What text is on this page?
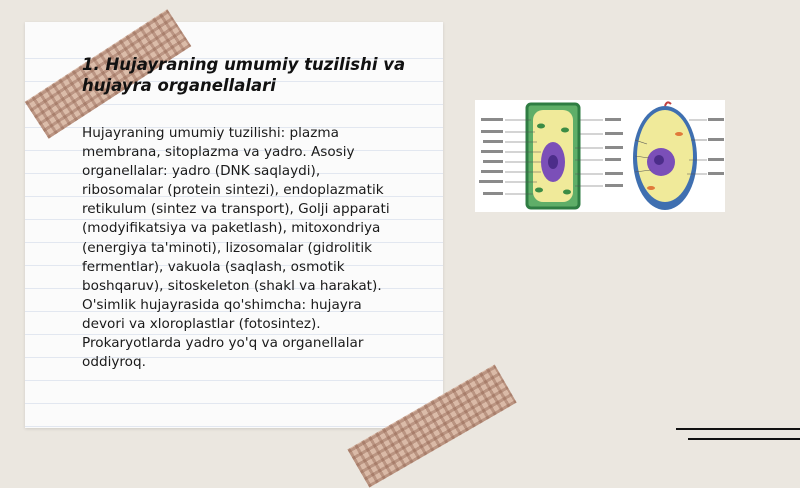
1. Hujayraning umumiy tuzilishi va hujayra organellalari

Hujayraning umumiy tuzilishi: plazma membrana, sitoplazma va yadro. Asosiy organellalar: yadro (DNK saqlaydi), ribosomalar (protein sintezi), endoplazmatik retikulum (sintez va transport), Golji apparati (modyifikatsiya va paketlash), mitoxondriya (energiya ta'minoti), lizosomalar (gidrolitik fermentlar), vakuola (saqlash, osmotik boshqaruv), sitoskeleton (shakl va harakat). O'simlik hujayrasida qo'shimcha: hujayra devori va xloroplastlar (fotosintez). Prokaryotlarda yadro yo'q va organellalar oddiyroq.
